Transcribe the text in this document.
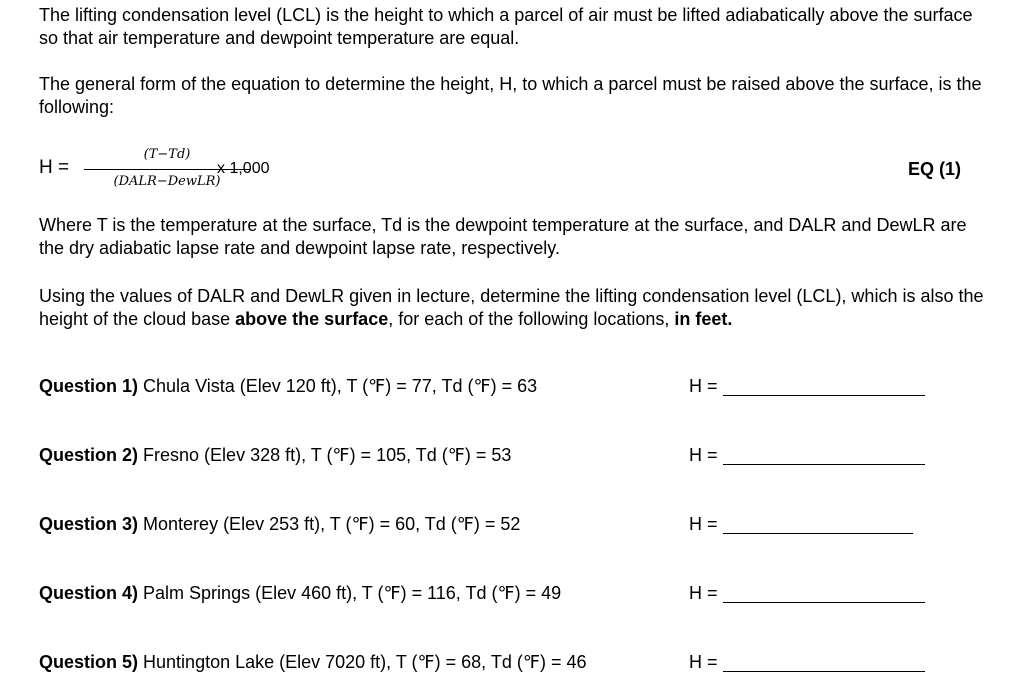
The lifting condensation level (LCL) is the height to which a parcel of air must be lifted adiabatically above the surface so that air temperature and dewpoint temperature are equal.

The general form of the equation to determine the height, H, to which a parcel must be raised above the surface, is the following:

H =
(T−Td)
(DALR−DewLR)
x 1,000	EQ (1)

Where T is the temperature at the surface, Td is the dewpoint temperature at the surface, and DALR and DewLR are the dry adiabatic lapse rate and dewpoint lapse rate, respectively.

Using the values of DALR and DewLR given in lecture, determine the lifting condensation level (LCL), which is also the height of the cloud base above the surface, for each of the following locations, in feet.

Question 1) Chula Vista (Elev 120 ft), T (℉) = 77, Td (℉) = 63	H =
Question 2) Fresno (Elev 328 ft), T (℉) = 105, Td (℉) = 53	H =
Question 3) Monterey (Elev 253 ft), T (℉) = 60, Td (℉) = 52	H =
Question 4) Palm Springs (Elev 460 ft), T (℉) = 116, Td (℉) = 49	H =
Question 5) Huntington Lake (Elev 7020 ft), T (℉) = 68, Td (℉) = 46	H =
